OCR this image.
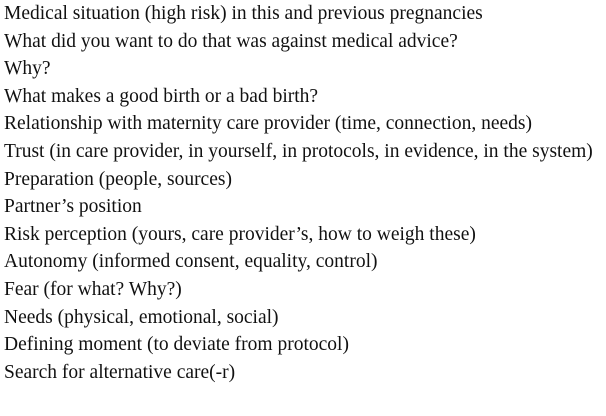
Medical situation (high risk) in this and previous pregnancies
What did you want to do that was against medical advice?
Why?
What makes a good birth or a bad birth?
Relationship with maternity care provider (time, connection, needs)
Trust (in care provider, in yourself, in protocols, in evidence, in the system)
Preparation (people, sources)
Partner’s position
Risk perception (yours, care provider’s, how to weigh these)
Autonomy (informed consent, equality, control)
Fear (for what? Why?)
Needs (physical, emotional, social)
Defining moment (to deviate from protocol)
Search for alternative care(-r)
